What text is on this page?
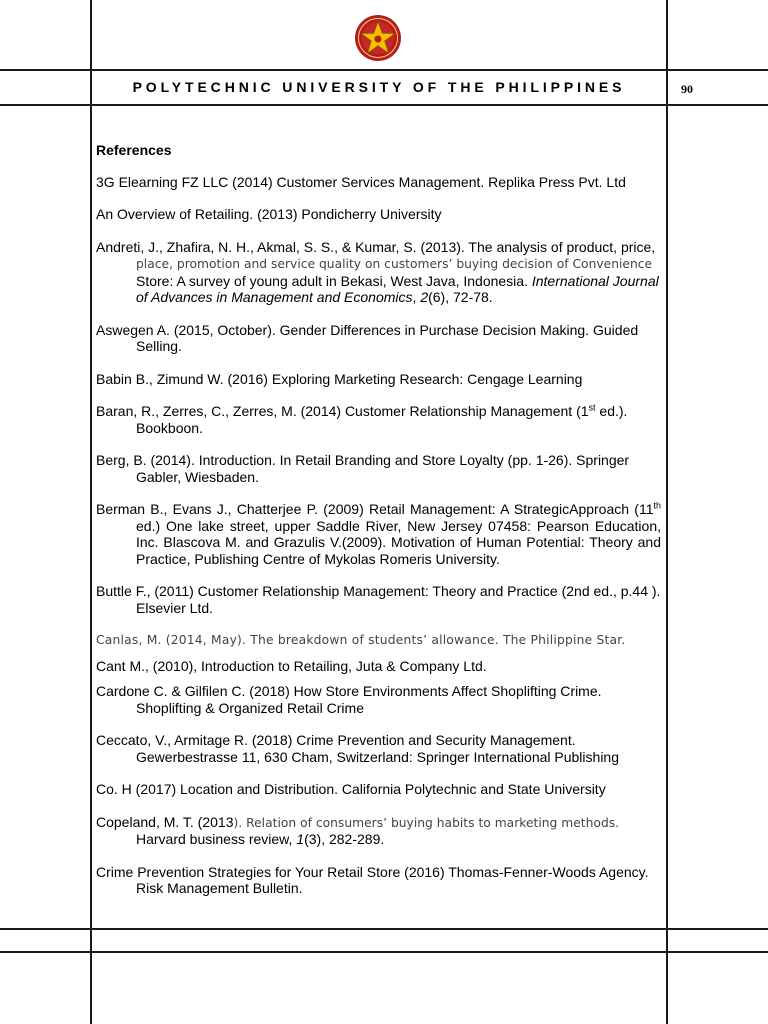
POLYTECHNIC UNIVERSITY OF THE PHILIPPINES	90
References
3G Elearning FZ LLC (2014) Customer Services Management. Replika Press Pvt. Ltd
An Overview of Retailing. (2013) Pondicherry University
Andreti, J., Zhafira, N. H., Akmal, S. S., & Kumar, S. (2013). The analysis of product, price, place, promotion and service quality on customers’ buying decision of Convenience Store: A survey of young adult in Bekasi, West Java, Indonesia. International Journal of Advances in Management and Economics, 2(6), 72-78.
Aswegen A. (2015, October). Gender Differences in Purchase Decision Making. Guided Selling.
Babin B., Zimund W. (2016) Exploring Marketing Research: Cengage Learning
Baran, R., Zerres, C., Zerres, M. (2014) Customer Relationship Management (1st ed.). Bookboon.
Berg, B. (2014). Introduction. In Retail Branding and Store Loyalty (pp. 1-26). Springer Gabler, Wiesbaden.
Berman B., Evans J., Chatterjee P. (2009) Retail Management: A StrategicApproach (11th ed.) One lake street, upper Saddle River, New Jersey 07458: Pearson Education, Inc. Blascova M. and Grazulis V.(2009). Motivation of Human Potential: Theory and Practice, Publishing Centre of Mykolas Romeris University.
Buttle F., (2011) Customer Relationship Management: Theory and Practice (2nd ed., p.44 ). Elsevier Ltd.
Canlas, M. (2014, May). The breakdown of students’ allowance. The Philippine Star.
Cant M., (2010), Introduction to Retailing, Juta & Company Ltd.
Cardone C. & Gilfilen C. (2018) How Store Environments Affect Shoplifting Crime. Shoplifting & Organized Retail Crime
Ceccato, V., Armitage R. (2018) Crime Prevention and Security Management. Gewerbestrasse 11, 630 Cham, Switzerland: Springer International Publishing
Co. H (2017) Location and Distribution. California Polytechnic and State University
Copeland, M. T. (2013). Relation of consumers’ buying habits to marketing methods. Harvard business review, 1(3), 282-289.
Crime Prevention Strategies for Your Retail Store (2016) Thomas-Fenner-Woods Agency. Risk Management Bulletin.
